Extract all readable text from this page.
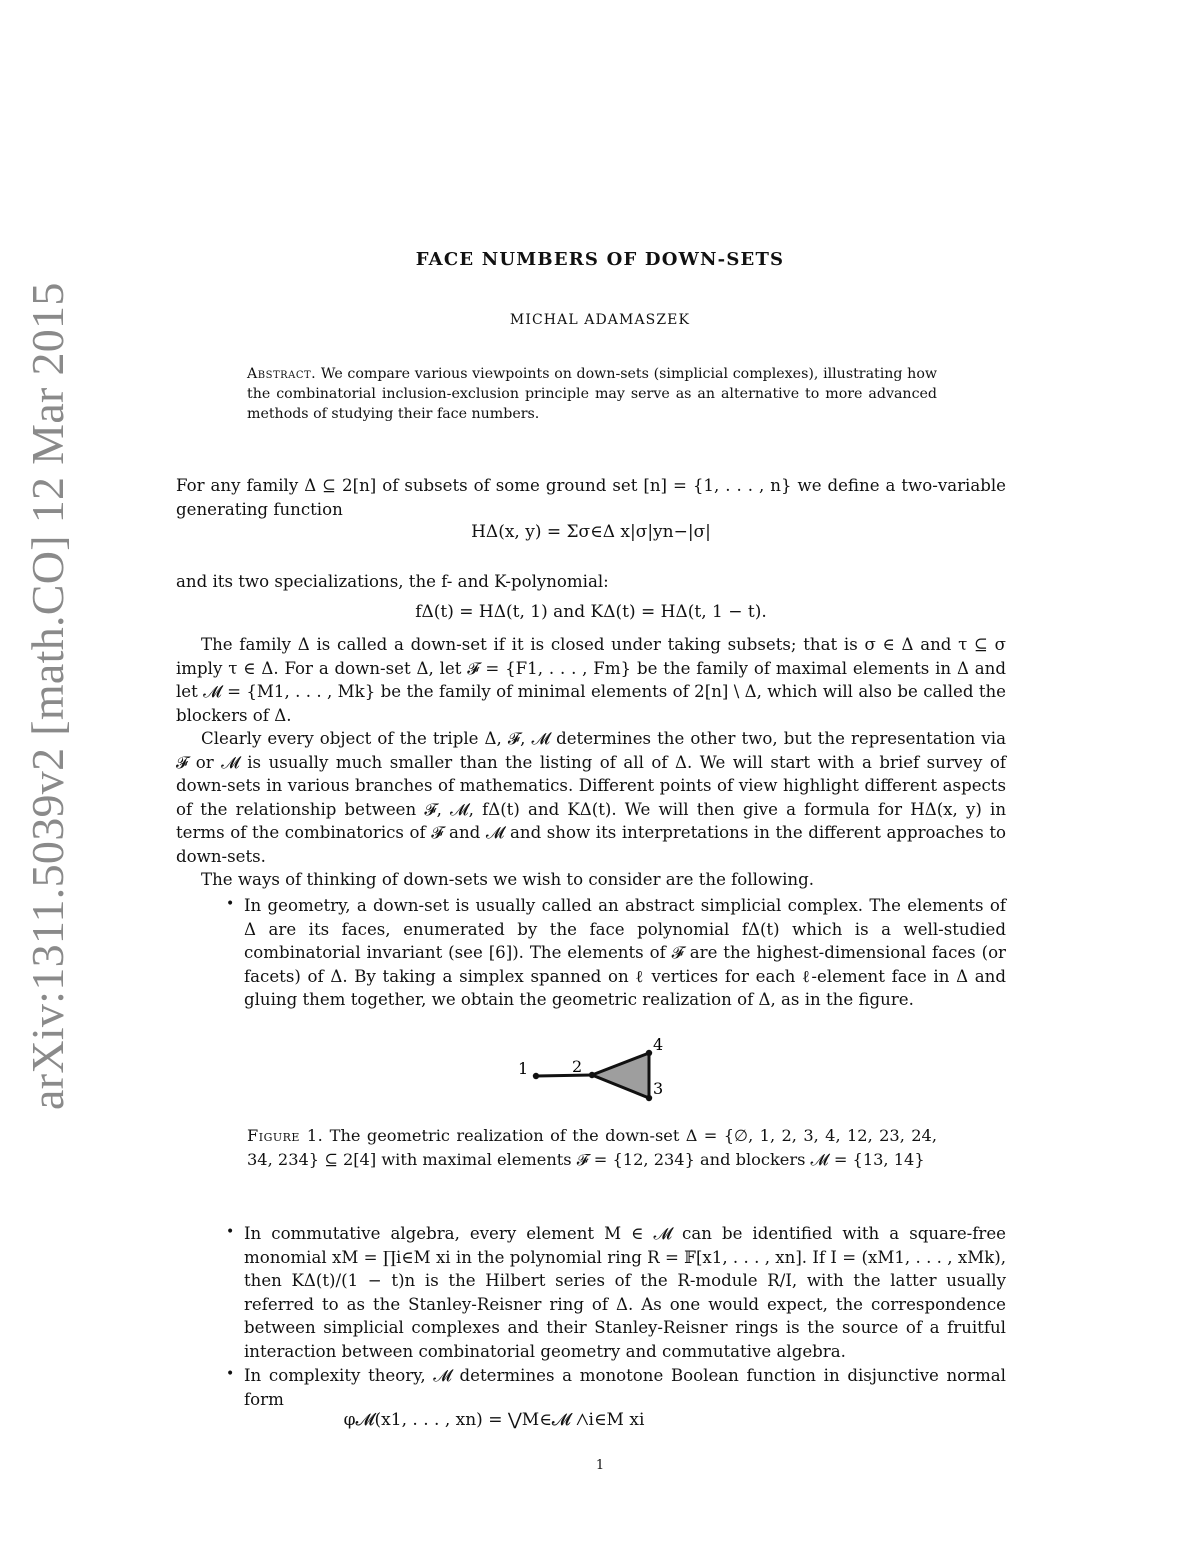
arXiv:1311.5039v2 [math.CO] 12 Mar 2015
FACE NUMBERS OF DOWN-SETS
MICHAL ADAMASZEK
Abstract. We compare various viewpoints on down-sets (simplicial complexes), illustrating how the combinatorial inclusion-exclusion principle may serve as an alternative to more advanced methods of studying their face numbers.
For any family Δ ⊆ 2[n] of subsets of some ground set [n] = {1, . . . , n} we define a two-variable generating function
HΔ(x, y) = Σσ∈Δ x|σ|yn−|σ|
and its two specializations, the f- and K-polynomial:
fΔ(t) = HΔ(t, 1) and KΔ(t) = HΔ(t, 1 − t).

The family Δ is called a down-set if it is closed under taking subsets; that is σ ∈ Δ and τ ⊆ σ imply τ ∈ Δ. For a down-set Δ, let 𝓕 = {F1, . . . , Fm} be the family of maximal elements in Δ and let 𝓜 = {M1, . . . , Mk} be the family of minimal elements of 2[n] \ Δ, which will also be called the blockers of Δ.

Clearly every object of the triple Δ, 𝓕, 𝓜 determines the other two, but the representation via 𝓕 or 𝓜 is usually much smaller than the listing of all of Δ. We will start with a brief survey of down-sets in various branches of mathematics. Different points of view highlight different aspects of the relationship between 𝓕, 𝓜, fΔ(t) and KΔ(t). We will then give a formula for HΔ(x, y) in terms of the combinatorics of 𝓕 and 𝓜 and show its interpretations in the different approaches to down-sets.

The ways of thinking of down-sets we wish to consider are the following.

• In geometry, a down-set is usually called an abstract simplicial complex. The elements of Δ are its faces, enumerated by the face polynomial fΔ(t) which is a well-studied combinatorial invariant (see [6]). The elements of 𝓕 are the highest-dimensional faces (or facets) of Δ. By taking a simplex spanned on ℓ vertices for each ℓ-element face in Δ and gluing them together, we obtain the geometric realization of Δ, as in the figure.
1	2
3
4
Figure 1. The geometric realization of the down-set Δ = {∅, 1, 2, 3, 4, 12, 23, 24, 34, 234} ⊆ 2[4] with maximal elements 𝓕 = {12, 234} and blockers 𝓜 = {13, 14}
• In commutative algebra, every element M ∈ 𝓜 can be identified with a square-free monomial xM = ∏i∈M xi in the polynomial ring R = 𝔽[x1, . . . , xn]. If I = (xM1, . . . , xMk), then KΔ(t)/(1 − t)n is the Hilbert series of the R-module R/I, with the latter usually referred to as the Stanley-Reisner ring of Δ. As one would expect, the correspondence between simplicial complexes and their Stanley-Reisner rings is the source of a fruitful interaction between combinatorial geometry and commutative algebra.
• In complexity theory, 𝓜 determines a monotone Boolean function in disjunctive normal form
φ𝓜(x1, . . . , xn) = ⋁M∈𝓜 ⋀i∈M xi
1
